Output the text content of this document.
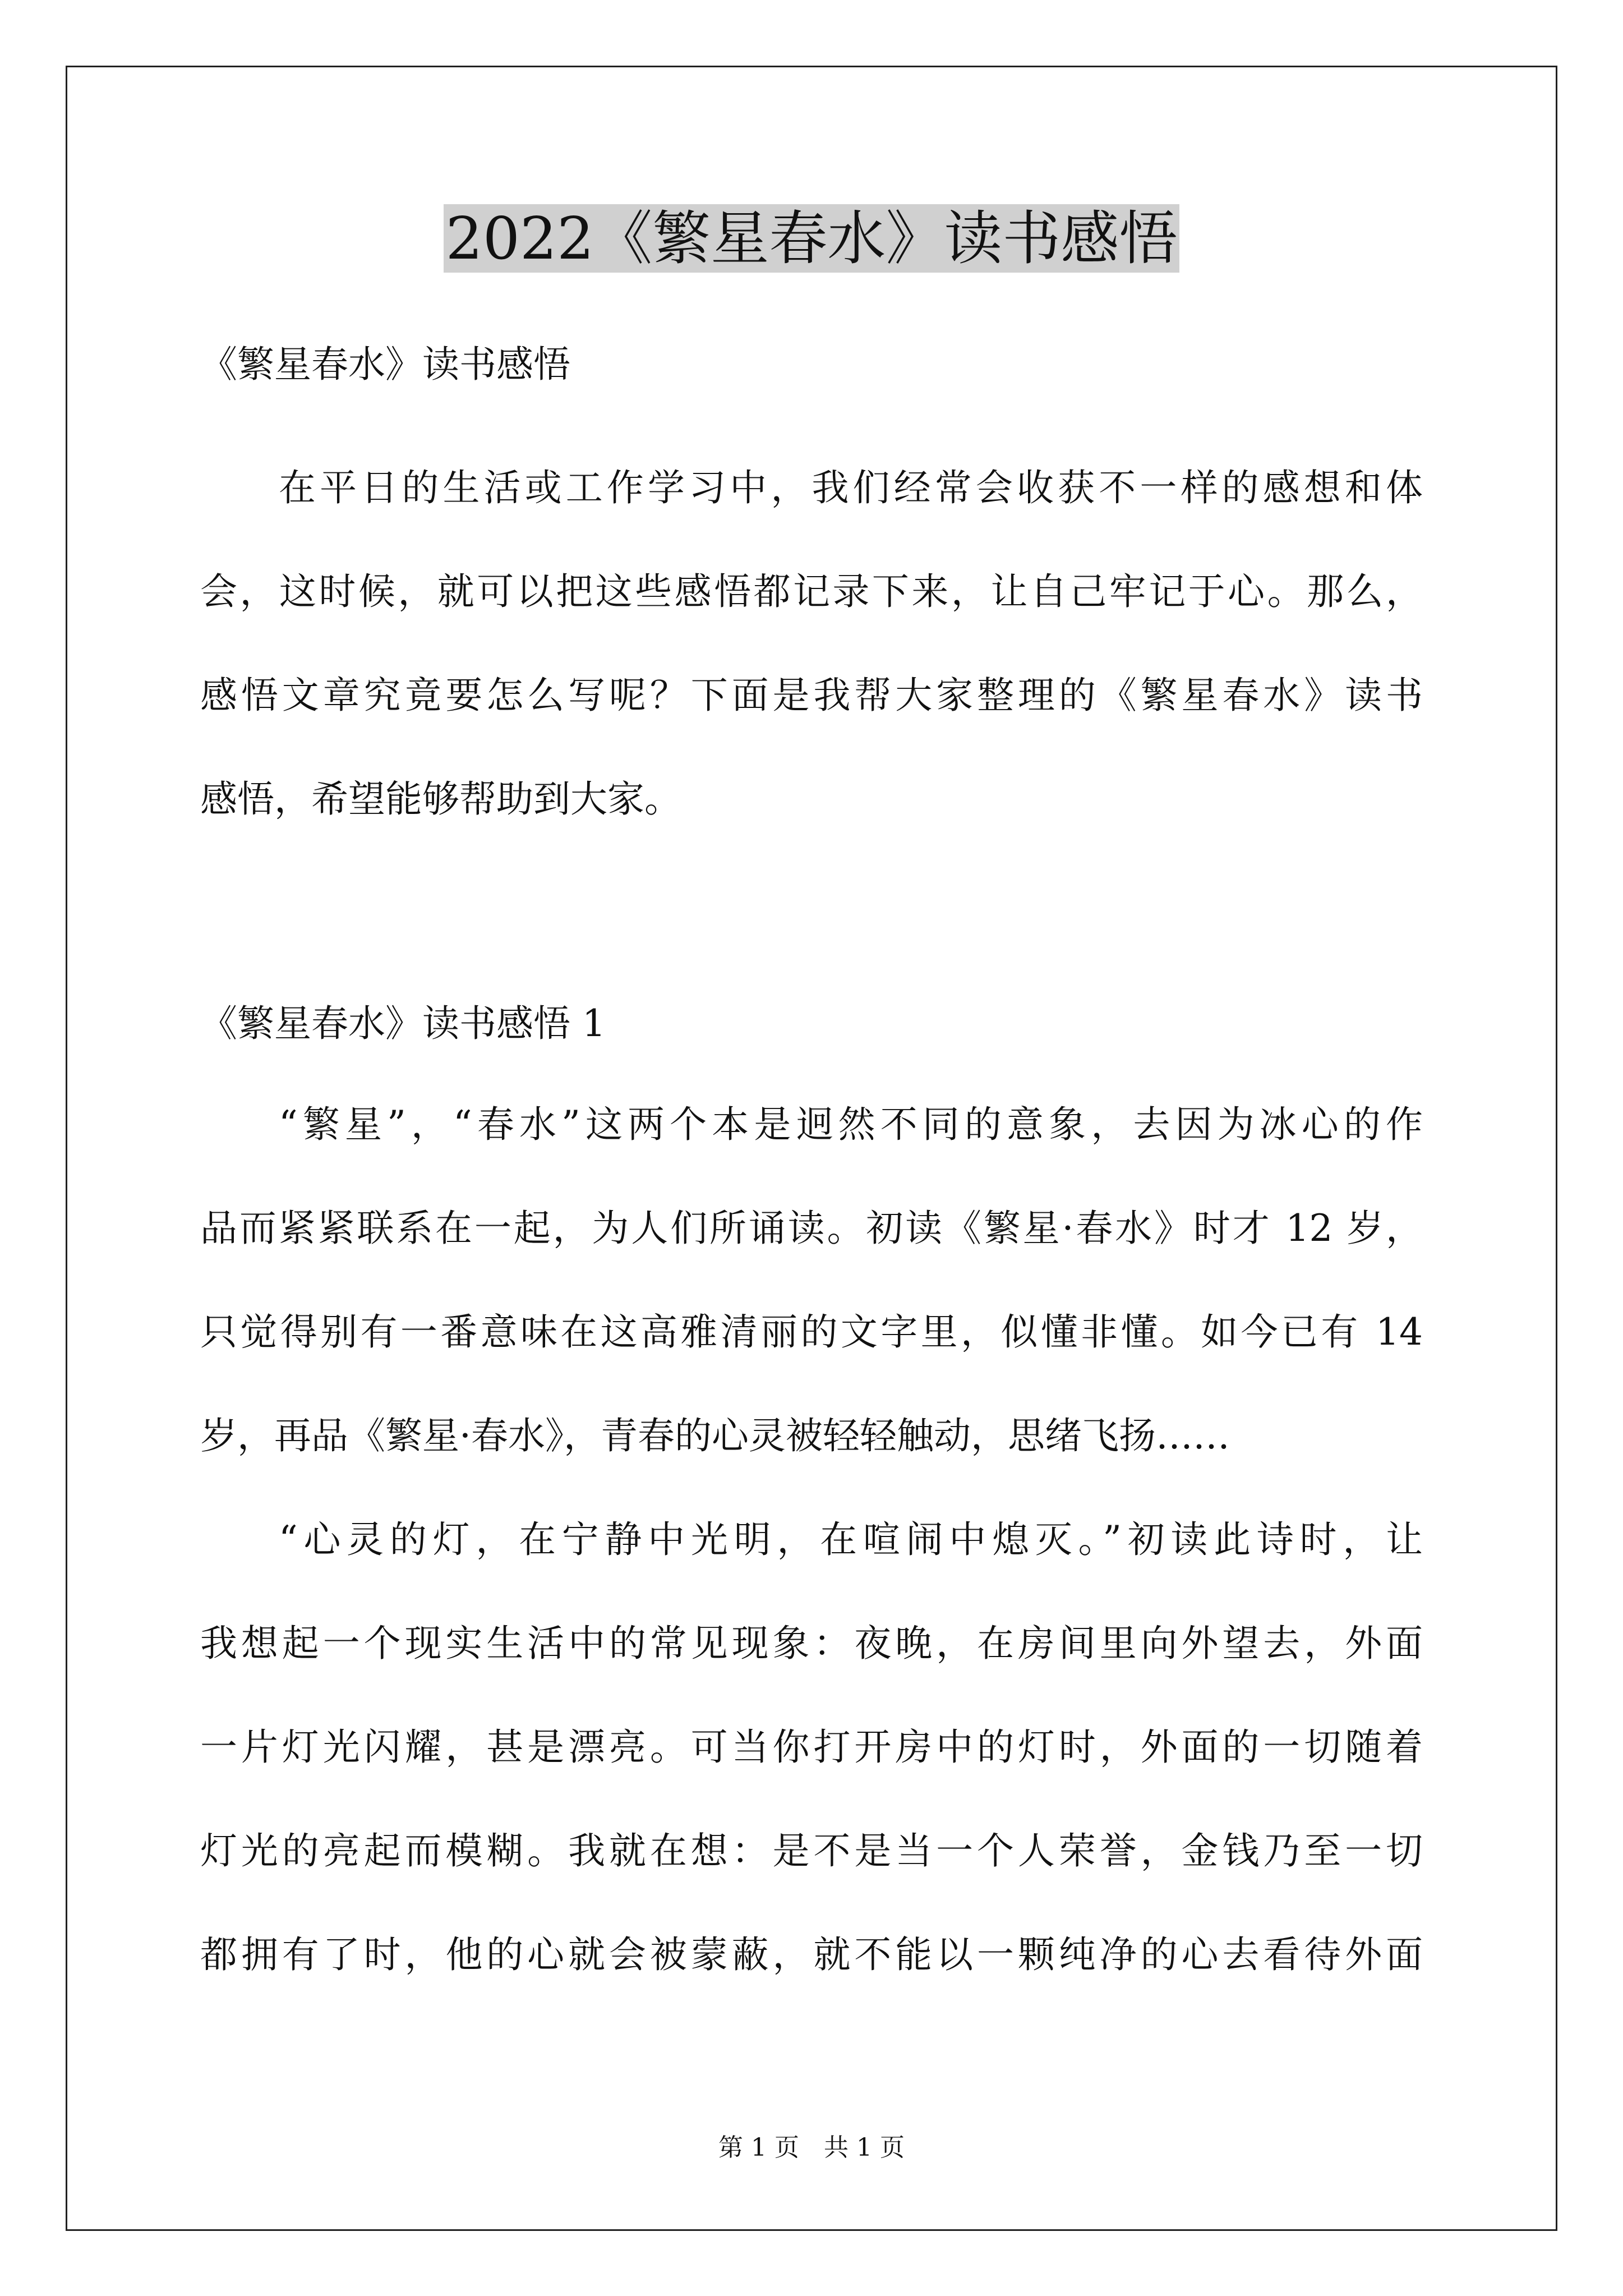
2022《繁星春水》读书感悟
《繁星春水》读书感悟
在平日的生活或工作学习中，我们经常会收获不一样的感想和体
会，这时候，就可以把这些感悟都记录下来，让自己牢记于心。那么，
感悟文章究竟要怎么写呢？下面是我帮大家整理的《繁星春水》读书
感悟，希望能够帮助到大家。
《繁星春水》读书感悟 1
“繁星”，“春水”这两个本是迥然不同的意象，去因为冰心的作
品而紧紧联系在一起，为人们所诵读。初读《繁星·春水》时才 12 岁，
只觉得别有一番意味在这高雅清丽的文字里，似懂非懂。如今已有 14
岁，再品《繁星·春水》，青春的心灵被轻轻触动，思绪飞扬……
“心灵的灯，在宁静中光明，在喧闹中熄灭。”初读此诗时，让
我想起一个现实生活中的常见现象：夜晚，在房间里向外望去，外面
一片灯光闪耀，甚是漂亮。可当你打开房中的灯时，外面的一切随着
灯光的亮起而模糊。我就在想：是不是当一个人荣誉，金钱乃至一切
都拥有了时，他的心就会被蒙蔽，就不能以一颗纯净的心去看待外面
第 1 页　共 1 页
